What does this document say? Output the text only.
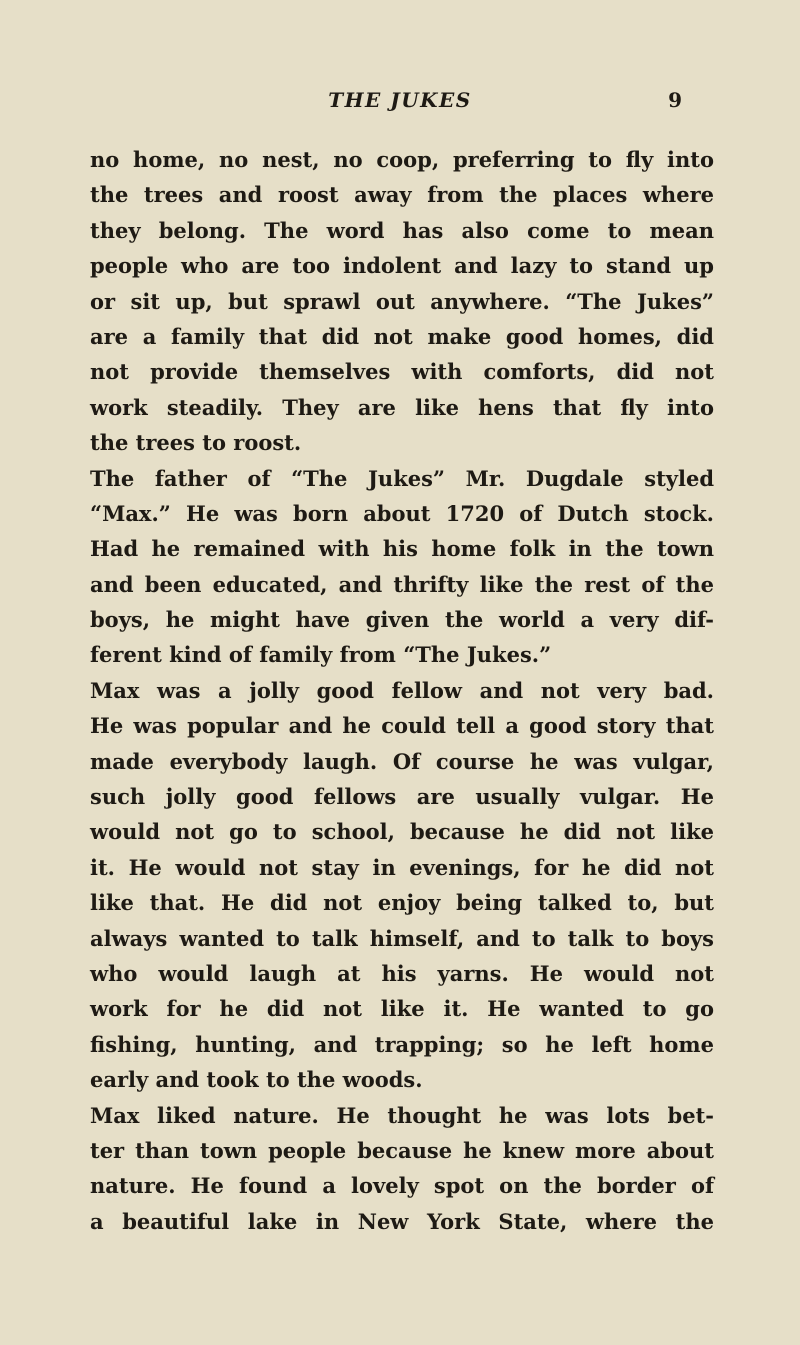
THE JUKES	9
no home, no nest, no coop, preferring to fly into
the trees and roost away from the places where
they belong. The word has also come to mean
people who are too indolent and lazy to stand up
or sit up, but sprawl out anywhere. “The Jukes”
are a family that did not make good homes, did
not provide themselves with comforts, did not
work steadily. They are like hens that fly into
the trees to roost.
The father of “The Jukes” Mr. Dugdale styled
“Max.” He was born about 1720 of Dutch stock.
Had he remained with his home folk in the town
and been educated, and thrifty like the rest of the
boys, he might have given the world a very dif-
ferent kind of family from “The Jukes.”
Max was a jolly good fellow and not very bad.
He was popular and he could tell a good story that
made everybody laugh. Of course he was vulgar,
such jolly good fellows are usually vulgar. He
would not go to school, because he did not like
it. He would not stay in evenings, for he did not
like that. He did not enjoy being talked to, but
always wanted to talk himself, and to talk to boys
who would laugh at his yarns. He would not
work for he did not like it. He wanted to go
fishing, hunting, and trapping; so he left home
early and took to the woods.
Max liked nature. He thought he was lots bet-
ter than town people because he knew more about
nature. He found a lovely spot on the border of
a beautiful lake in New York State, where the
